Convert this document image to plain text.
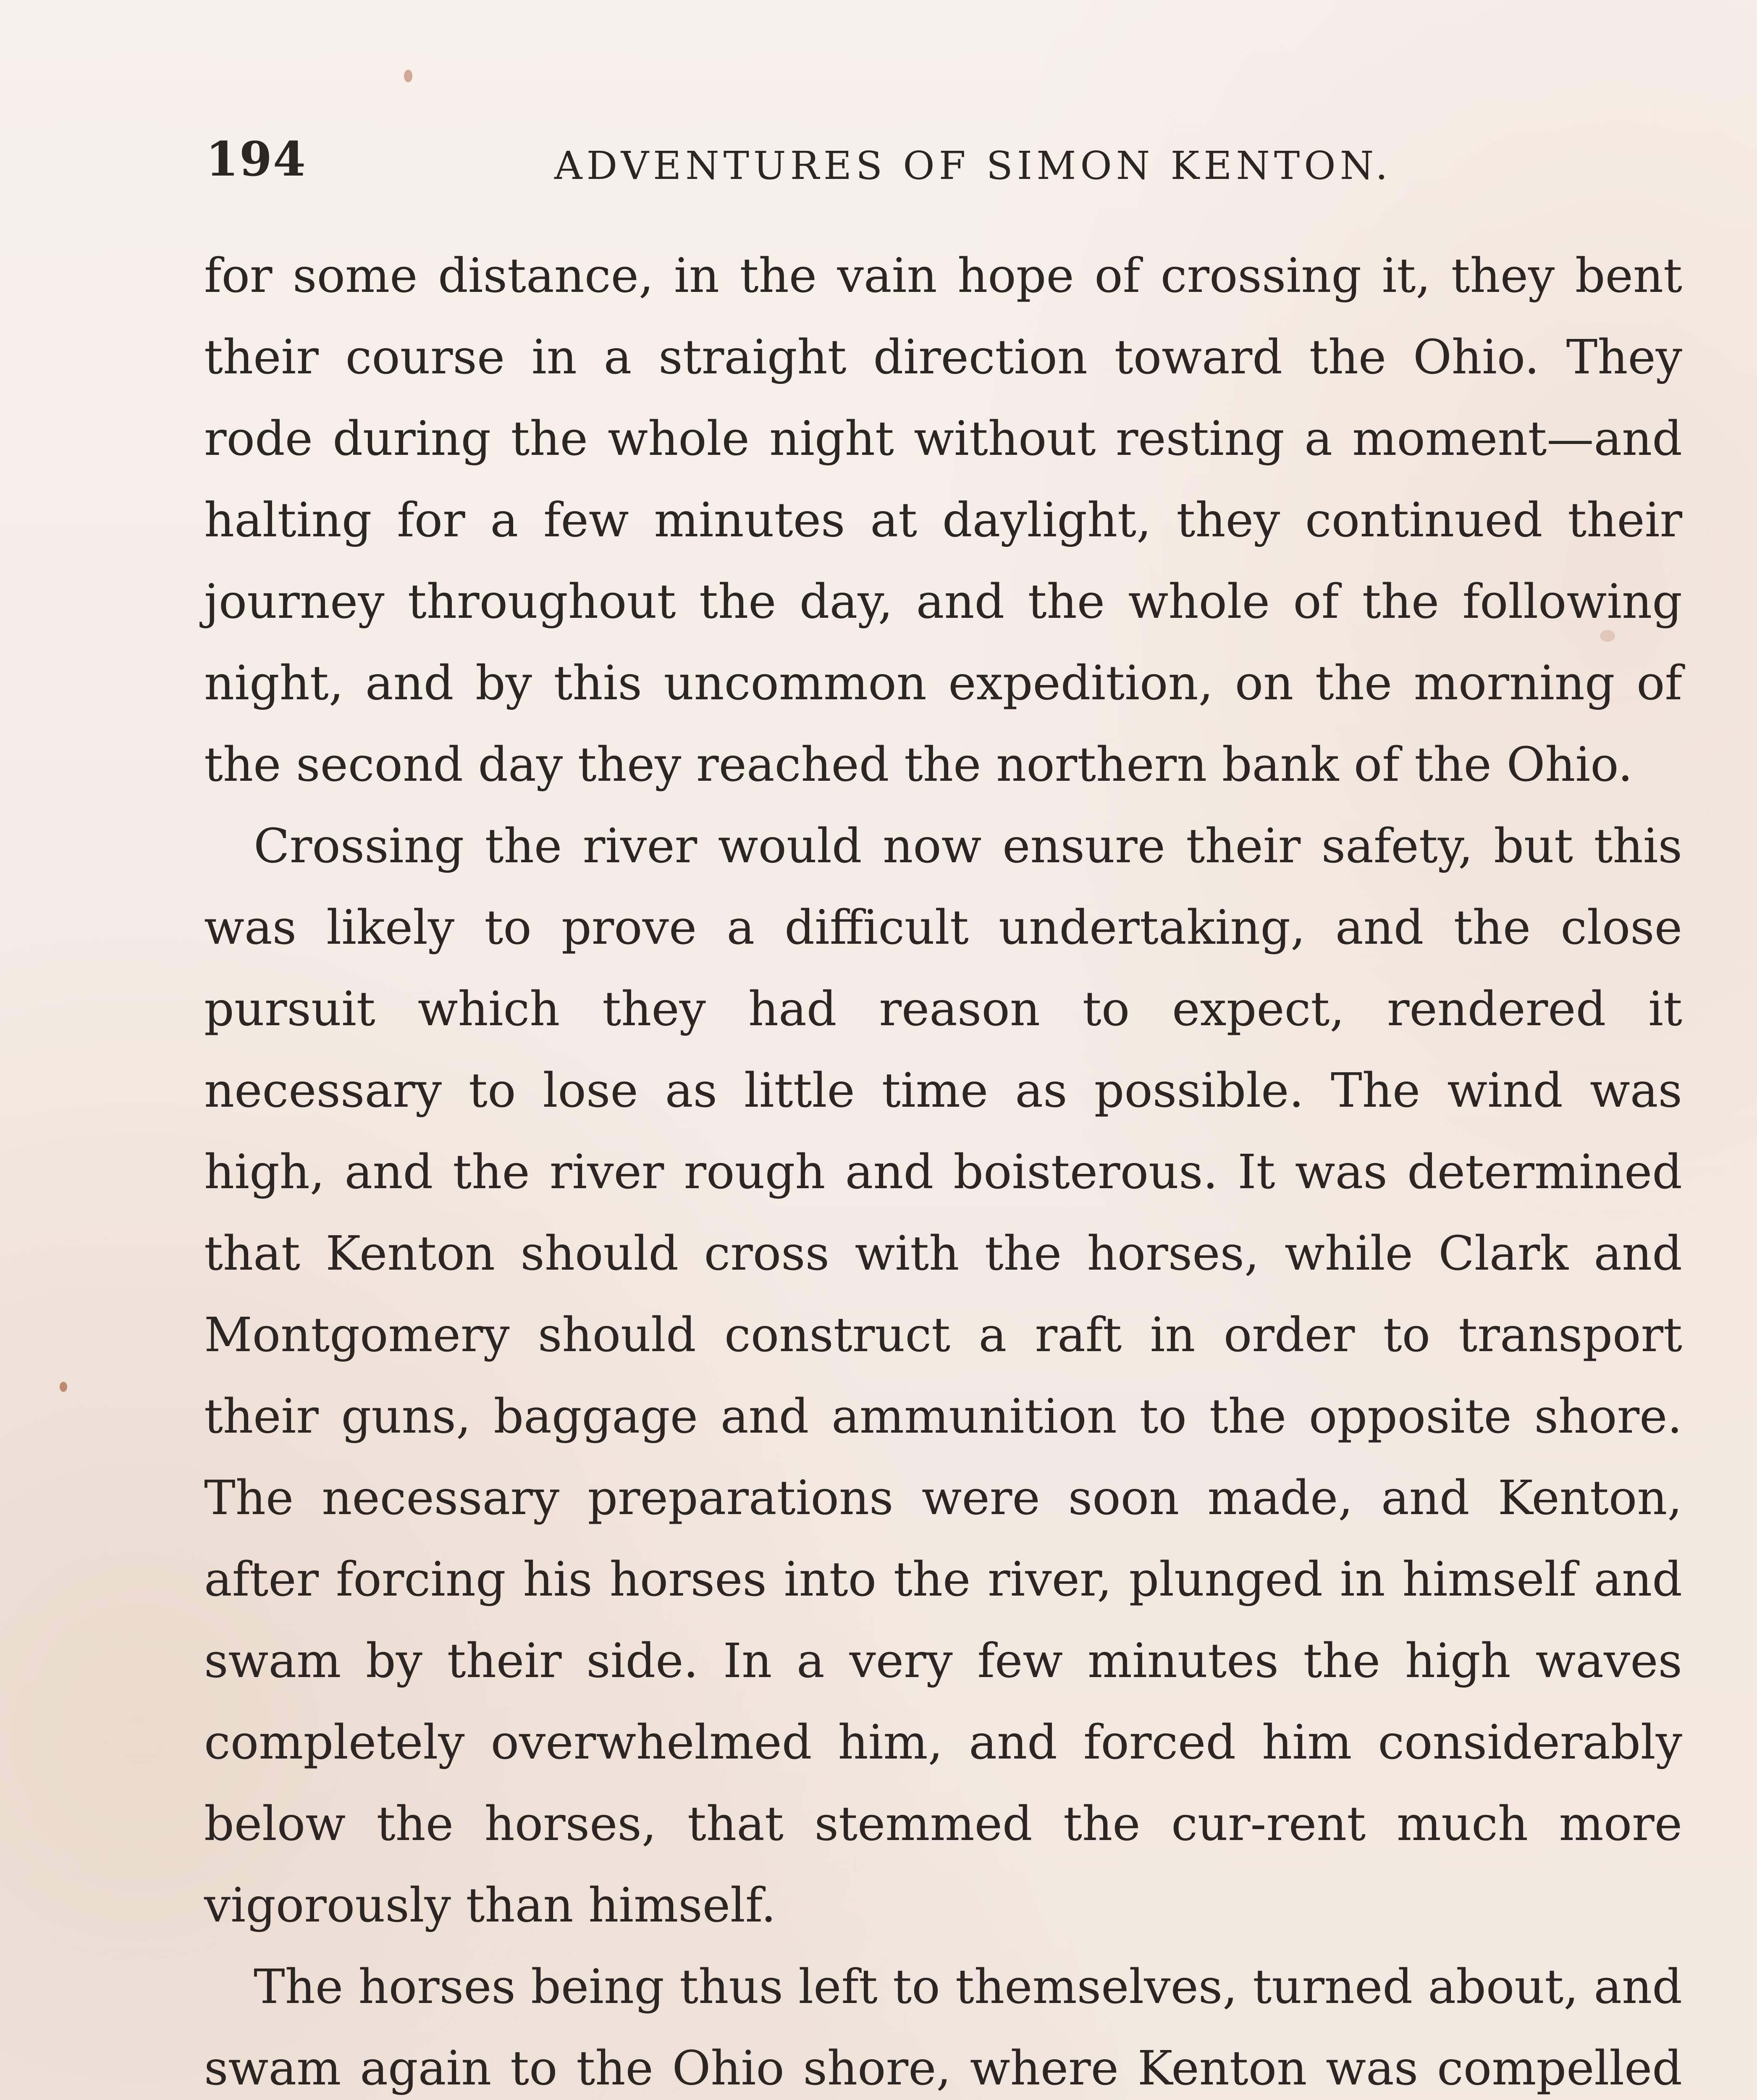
194	ADVENTURES OF SIMON KENTON.

for some distance, in the vain hope of crossing it, they bent their course in a straight direction toward the Ohio. They rode during the whole night without resting a moment—and halting for a few minutes at daylight, they continued their journey throughout the day, and the whole of the following night, and by this uncommon expedition, on the morning of the second day they reached the northern bank of the Ohio.

Crossing the river would now ensure their safety, but this was likely to prove a difficult undertaking, and the close pursuit which they had reason to expect, rendered it necessary to lose as little time as possible. The wind was high, and the river rough and boisterous. It was determined that Kenton should cross with the horses, while Clark and Montgomery should construct a raft in order to transport their guns, baggage and ammunition to the opposite shore. The necessary preparations were soon made, and Kenton, after forcing his horses into the river, plunged in himself and swam by their side. In a very few minutes the high waves completely overwhelmed him, and forced him considerably below the horses, that stemmed the cur-rent much more vigorously than himself.

The horses being thus left to themselves, turned about, and swam again to the Ohio shore, where Kenton was compelled
